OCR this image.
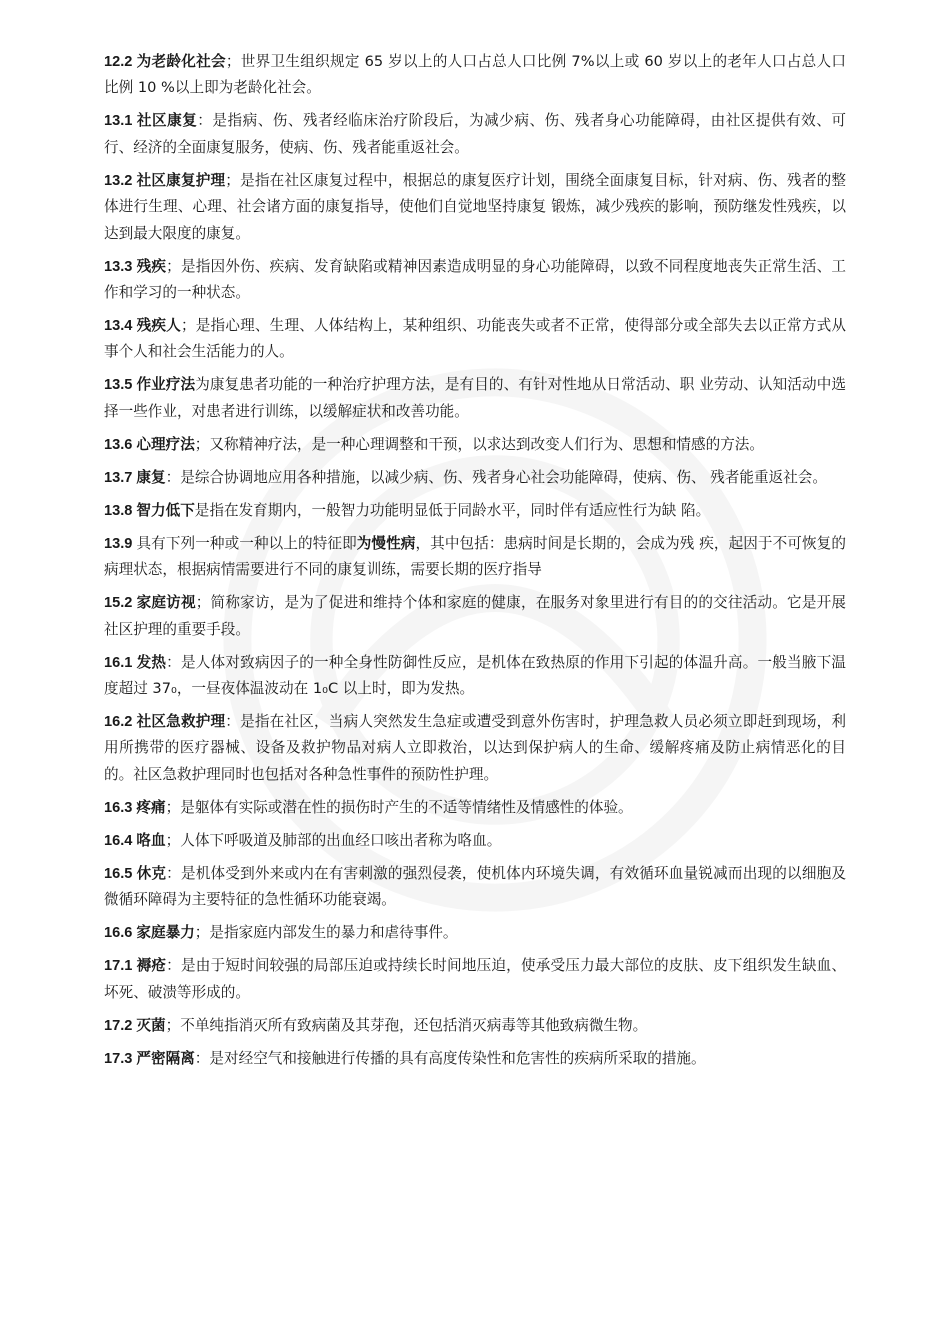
12.2 为老龄化社会；世界卫生组织规定 65 岁以上的人口占总人口比例 7%以上或 60 岁以上的老年人口占总人口比例 10 %以上即为老龄化社会。

13.1 社区康复：是指病、伤、残者经临床治疗阶段后，为减少病、伤、残者身心功能障碍，由社区提供有效、可行、经济的全面康复服务，使病、伤、残者能重返社会。

13.2 社区康复护理；是指在社区康复过程中，根据总的康复医疗计划，围绕全面康复目标，针对病、伤、残者的整体进行生理、心理、社会诸方面的康复指导，使他们自觉地坚持康复 锻炼，减少残疾的影响，预防继发性残疾，以达到最大限度的康复。

13.3 残疾；是指因外伤、疾病、发育缺陷或精神因素造成明显的身心功能障碍，以致不同程度地丧失正常生活、工作和学习的一种状态。

13.4 残疾人；是指心理、生理、人体结构上，某种组织、功能丧失或者不正常，使得部分或全部失去以正常方式从事个人和社会生活能力的人。

13.5 作业疗法为康复患者功能的一种治疗护理方法，是有目的、有针对性地从日常活动、职 业劳动、认知活动中选择一些作业，对患者进行训练，以缓解症状和改善功能。

13.6 心理疗法；又称精神疗法，是一种心理调整和干预，以求达到改变人们行为、思想和情感的方法。

13.7 康复：是综合协调地应用各种措施，以减少病、伤、残者身心社会功能障碍，使病、伤、 残者能重返社会。

13.8 智力低下是指在发育期内，一般智力功能明显低于同龄水平，同时伴有适应性行为缺 陷。

13.9 具有下列一种或一种以上的特征即为慢性病，其中包括：患病时间是长期的，会成为残 疾，起因于不可恢复的病理状态，根据病情需要进行不同的康复训练，需要长期的医疗指导

15.2 家庭访视；简称家访，是为了促进和维持个体和家庭的健康，在服务对象里进行有目的的交往活动。它是开展社区护理的重要手段。

16.1 发热：是人体对致病因子的一种全身性防御性反应，是机体在致热原的作用下引起的体温升高。一般当腋下温度超过 37₀，一昼夜体温波动在 1₀C 以上时，即为发热。

16.2 社区急救护理：是指在社区，当病人突然发生急症或遭受到意外伤害时，护理急救人员必须立即赶到现场，利用所携带的医疗器械、设备及救护物品对病人立即救治，以达到保护病人的生命、缓解疼痛及防止病情恶化的目的。社区急救护理同时也包括对各种急性事件的预防性护理。

16.3 疼痛；是躯体有实际或潜在性的损伤时产生的不适等情绪性及情感性的体验。

16.4 咯血；人体下呼吸道及肺部的出血经口咳出者称为咯血。

16.5 休克：是机体受到外来或内在有害刺激的强烈侵袭，使机体内环境失调，有效循环血量锐减而出现的以细胞及微循环障碍为主要特征的急性循环功能衰竭。

16.6 家庭暴力；是指家庭内部发生的暴力和虐待事件。

17.1 褥疮：是由于短时间较强的局部压迫或持续长时间地压迫，使承受压力最大部位的皮肤、皮下组织发生缺血、坏死、破溃等形成的。

17.2 灭菌；不单纯指消灭所有致病菌及其芽孢，还包括消灭病毒等其他致病微生物。

17.3 严密隔离：是对经空气和接触进行传播的具有高度传染性和危害性的疾病所采取的措施。
